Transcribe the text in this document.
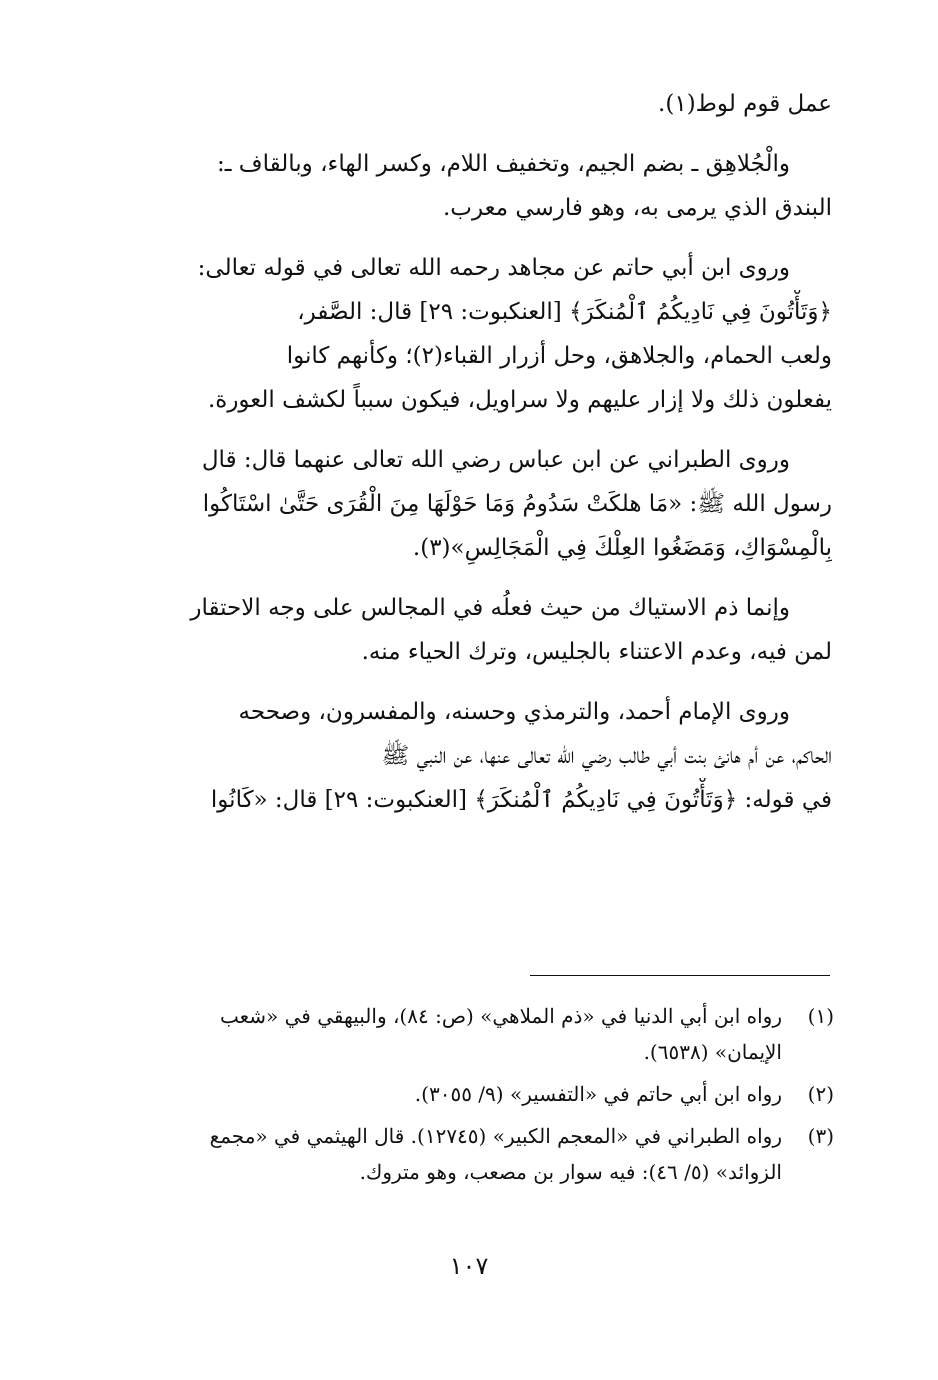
عمل قوم لوط(١).
والْجُلاهِق ـ بضم الجيم، وتخفيف اللام، وكسر الهاء، وبالقاف ـ:
البندق الذي يرمى به، وهو فارسي معرب.
وروى ابن أبي حاتم عن مجاهد رحمه الله تعالى في قوله تعالى:
﴿وَتَأْتُونَ فِي نَادِيكُمُ ٱلْمُنكَرَ﴾ [العنكبوت: ٢٩] قال: الصَّفر،
ولعب الحمام، والجلاهق، وحل أزرار القباء(٢)؛ وكأنهم كانوا
يفعلون ذلك ولا إزار عليهم ولا سراويل، فيكون سبباً لكشف العورة.
وروى الطبراني عن ابن عباس رضي الله تعالى عنهما قال: قال
رسول الله ﷺ: «مَا هلكَتْ سَدُومُ وَمَا حَوْلَهَا مِنَ الْقُرَى حَتَّىٰ اسْتَاكُوا
بِالْمِسْوَاكِ، وَمَضَغُوا العِلْكَ فِي الْمَجَالِسِ»(٣).
وإنما ذم الاستياك من حيث فعلُه في المجالس على وجه الاحتقار
لمن فيه، وعدم الاعتناء بالجليس، وترك الحياء منه.
وروى الإمام أحمد، والترمذي وحسنه، والمفسرون، وصححه
الحاكم، عن أم هانئ بنت أبي طالب رضي الله تعالى عنها، عن النبي ﷺ
في قوله: ﴿وَتَأْتُونَ فِي نَادِيكُمُ ٱلْمُنكَرَ﴾ [العنكبوت: ٢٩] قال: «كَانُوا
(١)
رواه ابن أبي الدنيا في «ذم الملاهي» (ص: ٨٤)، والبيهقي في «شعب
الإيمان» (٦٥٣٨).
(٢)
رواه ابن أبي حاتم في «التفسير» (٩/ ٣٠٥٥).
(٣)
رواه الطبراني في «المعجم الكبير» (١٢٧٤٥). قال الهيثمي في «مجمع
الزوائد» (٥/ ٤٦): فيه سوار بن مصعب، وهو متروك.
١٠٧
